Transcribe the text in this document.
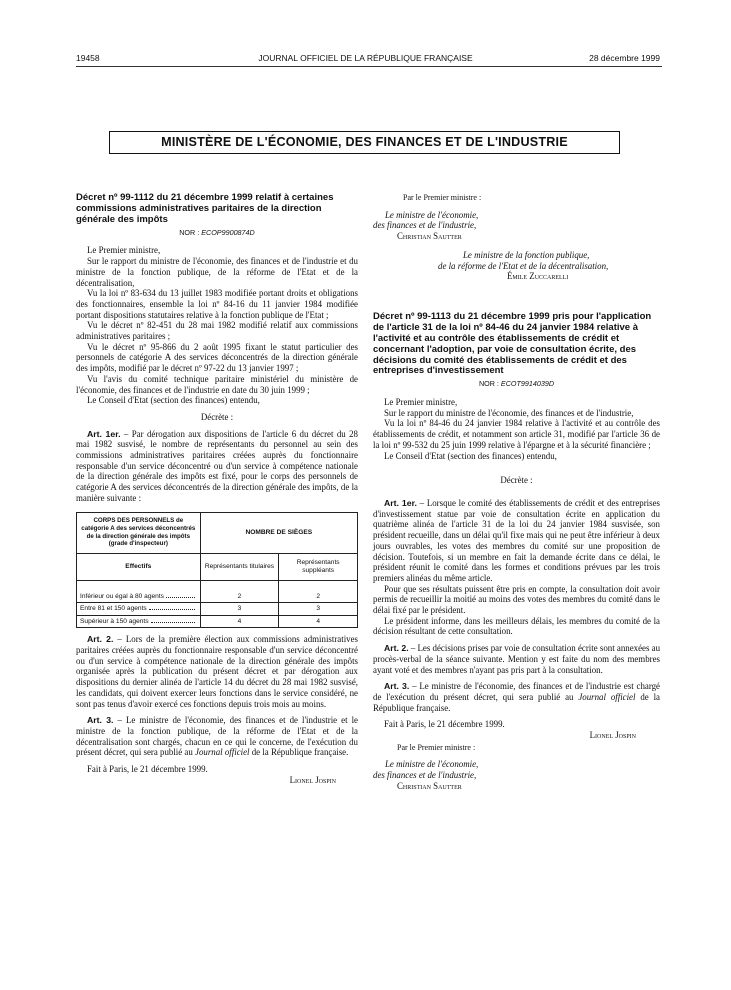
19458	JOURNAL OFFICIEL DE LA RÉPUBLIQUE FRANÇAISE	28 décembre 1999
MINISTÈRE DE L'ÉCONOMIE, DES FINANCES ET DE L'INDUSTRIE
Décret nº 99-1112 du 21 décembre 1999 relatif à certaines commissions administratives paritaires de la direction générale des impôts
NOR : ECOP9900874D

Le Premier ministre,

Sur le rapport du ministre de l'économie, des finances et de l'industrie et du ministre de la fonction publique, de la réforme de l'Etat et de la décentralisation,

Vu la loi nº 83-634 du 13 juillet 1983 modifiée portant droits et obligations des fonctionnaires, ensemble la loi nº 84-16 du 11 janvier 1984 modifiée portant dispositions statutaires relative à la fonction publique de l'Etat ;

Vu le décret nº 82-451 du 28 mai 1982 modifié relatif aux commissions administratives paritaires ;

Vu le décret nº 95-866 du 2 août 1995 fixant le statut particulier des personnels de catégorie A des services déconcentrés de la direction générale des impôts, modifié par le décret nº 97-22 du 13 janvier 1997 ;

Vu l'avis du comité technique paritaire ministériel du ministère de l'économie, des finances et de l'industrie en date du 30 juin 1999 ;

Le Conseil d'Etat (section des finances) entendu,

Décrète :

Art. 1er. – Par dérogation aux dispositions de l'article 6 du décret du 28 mai 1982 susvisé, le nombre de représentants du personnel au sein des commissions administratives paritaires créées auprès du fonctionnaire responsable d'un service déconcentré ou d'un service à compétence nationale de la direction générale des impôts est fixé, pour le corps des personnels de catégorie A des services déconcentrés de la direction générale des impôts, de la manière suivante :

CORPS DES PERSONNELS de catégorie A des services déconcentrés de la direction générale des impôts (grade d'inspecteur)	NOMBRE DE SIÈGES	
Effectifs	Représentants titulaires	Représentants suppléants

Inférieur ou égal à 80 agents	2	2

Entre 81 et 150 agents	3	3

Supérieur à 150 agents	4	4

Art. 2. – Lors de la première élection aux commissions administratives paritaires créées auprès du fonctionnaire responsable d'un service déconcentré ou d'un service à compétence nationale de la direction générale des impôts organisée après la publication du présent décret et par dérogation aux dispositions du dernier alinéa de l'article 14 du décret du 28 mai 1982 susvisé, les candidats, qui doivent exercer leurs fonctions dans le service considéré, ne sont pas tenus d'avoir exercé ces fonctions depuis trois mois au moins.

Art. 3. – Le ministre de l'économie, des finances et de l'industrie et le ministre de la fonction publique, de la réforme de l'Etat et de la décentralisation sont chargés, chacun en ce qui le concerne, de l'exécution du présent décret, qui sera publié au Journal officiel de la République française.

Fait à Paris, le 21 décembre 1999.

Lionel Jospin
Par le Premier ministre :
Le ministre de l'économie,
des finances et de l'industrie,
Christian Sautter
Le ministre de la fonction publique,
de la réforme de l'Etat et de la décentralisation,
Émile Zuccarelli
Décret nº 99-1113 du 21 décembre 1999 pris pour l'application de l'article 31 de la loi nº 84-46 du 24 janvier 1984 relative à l'activité et au contrôle des établissements de crédit et concernant l'adoption, par voie de consultation écrite, des décisions du comité des établissements de crédit et des entreprises d'investissement
NOR : ECOT9914039D

Le Premier ministre,

Sur le rapport du ministre de l'économie, des finances et de l'industrie,

Vu la loi nº 84-46 du 24 janvier 1984 relative à l'activité et au contrôle des établissements de crédit, et notamment son article 31, modifié par l'article 36 de la loi nº 99-532 du 25 juin 1999 relative à l'épargne et à la sécurité financière ;

Le Conseil d'Etat (section des finances) entendu,

Décrète :

Art. 1er. – Lorsque le comité des établissements de crédit et des entreprises d'investissement statue par voie de consultation écrite en application du quatrième alinéa de l'article 31 de la loi du 24 janvier 1984 susvisée, son président recueille, dans un délai qu'il fixe mais qui ne peut être inférieur à deux jours ouvrables, les votes des membres du comité sur une proposition de décision. Toutefois, si un membre en fait la demande écrite dans ce délai, le président réunit le comité dans les formes et conditions prévues par les trois premiers alinéas du même article.

Pour que ses résultats puissent être pris en compte, la consultation doit avoir permis de recueillir la moitié au moins des votes des membres du comité dans le délai fixé par le président.

Le président informe, dans les meilleurs délais, les membres du comité de la décision résultant de cette consultation.

Art. 2. – Les décisions prises par voie de consultation écrite sont annexées au procès-verbal de la séance suivante. Mention y est faite du nom des membres ayant voté et des membres n'ayant pas pris part à la consultation.

Art. 3. – Le ministre de l'économie, des finances et de l'industrie est chargé de l'exécution du présent décret, qui sera publié au Journal officiel de la République française.

Fait à Paris, le 21 décembre 1999.

Lionel Jospin
Par le Premier ministre :
Le ministre de l'économie,
des finances et de l'industrie,
Christian Sautter
